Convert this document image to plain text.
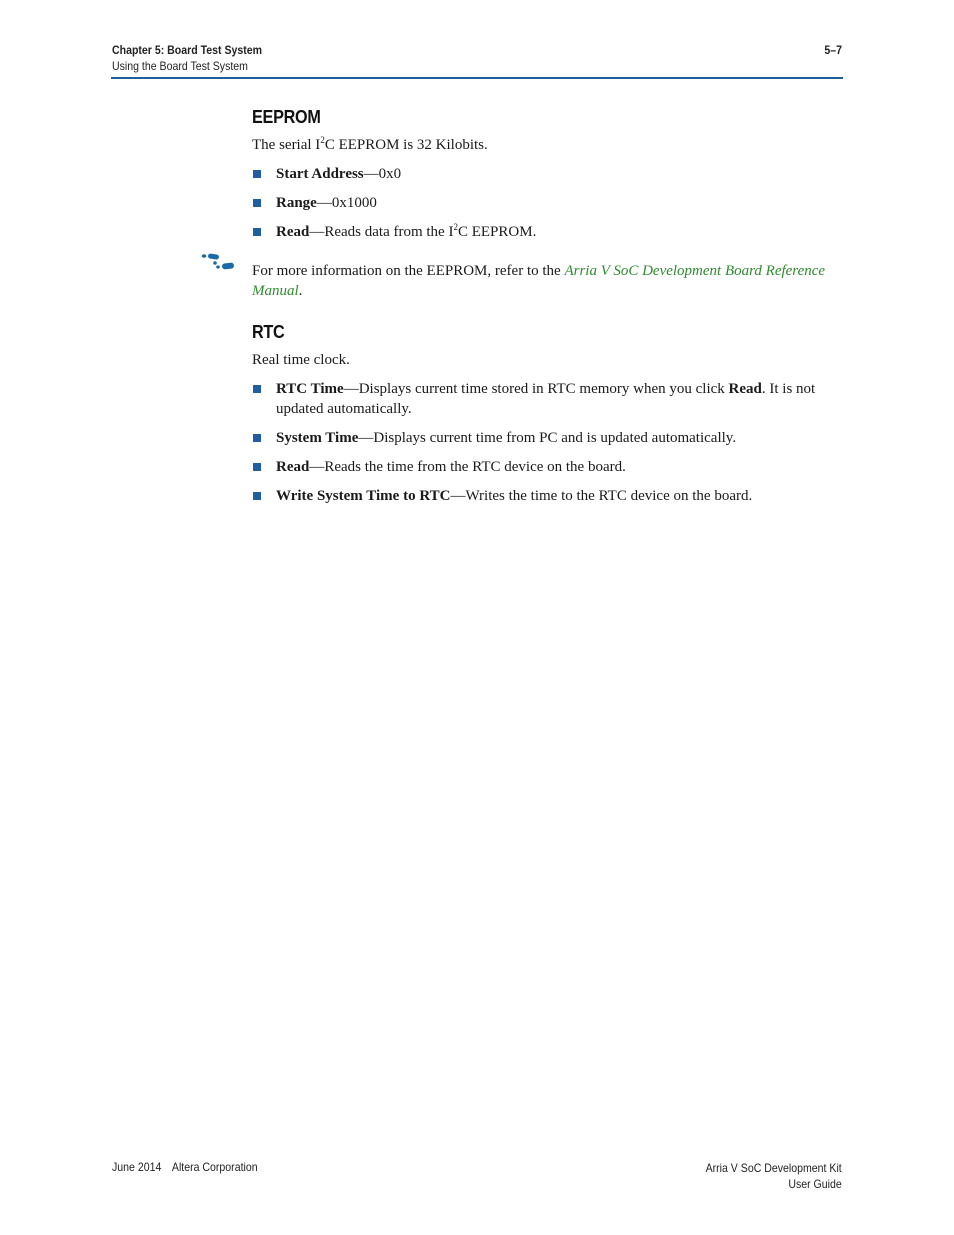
Chapter 5: Board Test System
Using the Board Test System
5–7
EEPROM

The serial $I^2C$ EEPROM is 32 Kilobits.

Start Address—0x0
Range—0x1000
Read—Reads data from the $I^2C$ EEPROM.

For more information on the EEPROM, refer to the Arria V SoC Development Board Reference Manual.

RTC

Real time clock.

RTC Time—Displays current time stored in RTC memory when you click Read. It is not updated automatically.
System Time—Displays current time from PC and is updated automatically.
Read—Reads the time from the RTC device on the board.
Write System Time to RTC—Writes the time to the RTC device on the board.
June 2014 Altera Corporation	Arria V SoC Development Kit
User Guide
